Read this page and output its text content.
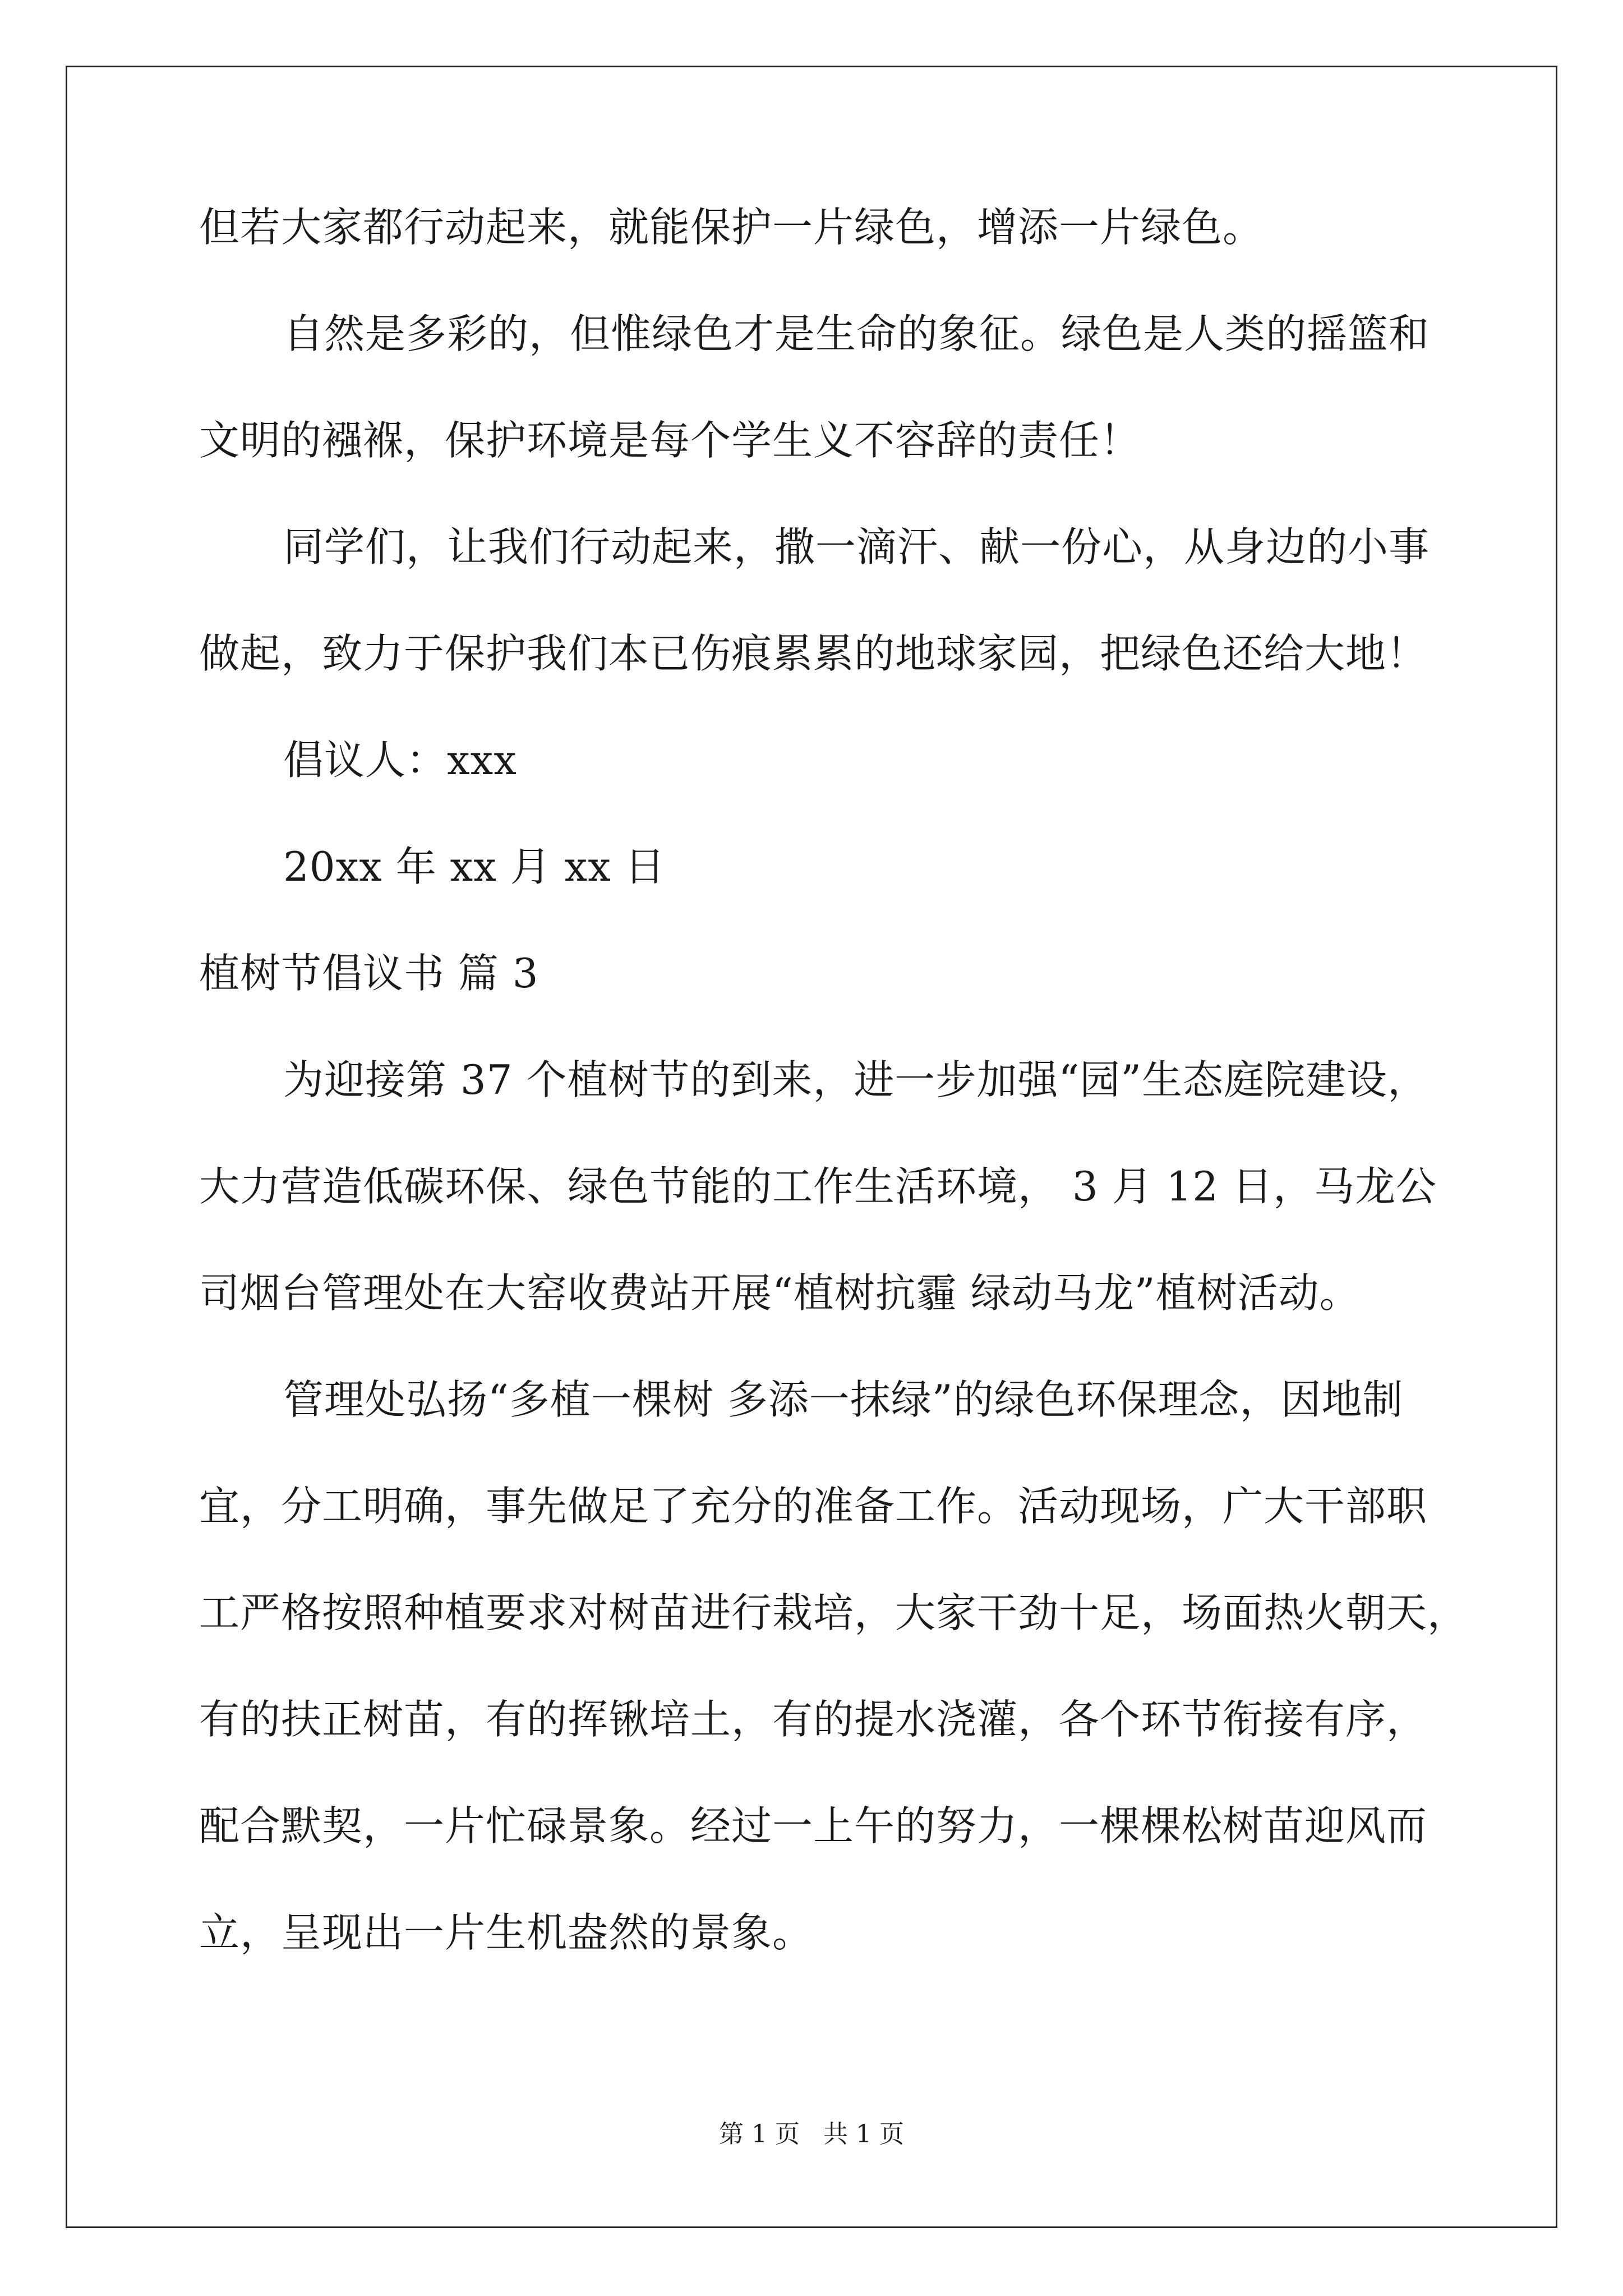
但若大家都行动起来，就能保护一片绿色，增添一片绿色。
自然是多彩的，但惟绿色才是生命的象征。绿色是人类的摇篮和
文明的襁褓，保护环境是每个学生义不容辞的责任！
同学们，让我们行动起来，撒一滴汗、献一份心，从身边的小事
做起，致力于保护我们本已伤痕累累的地球家园，把绿色还给大地！
倡议人：xxx
20xx 年 xx 月 xx 日
植树节倡议书 篇 3
为迎接第 37 个植树节的到来，进一步加强“园”生态庭院建设，
大力营造低碳环保、绿色节能的工作生活环境， 3 月 12 日，马龙公
司烟台管理处在大窑收费站开展“植树抗霾 绿动马龙”植树活动。
管理处弘扬“多植一棵树 多添一抹绿”的绿色环保理念，因地制
宜，分工明确，事先做足了充分的准备工作。活动现场，广大干部职
工严格按照种植要求对树苗进行栽培，大家干劲十足，场面热火朝天，
有的扶正树苗，有的挥锹培土，有的提水浇灌，各个环节衔接有序，
配合默契，一片忙碌景象。经过一上午的努力，一棵棵松树苗迎风而
立，呈现出一片生机盎然的景象。
第 1 页   共 1 页
